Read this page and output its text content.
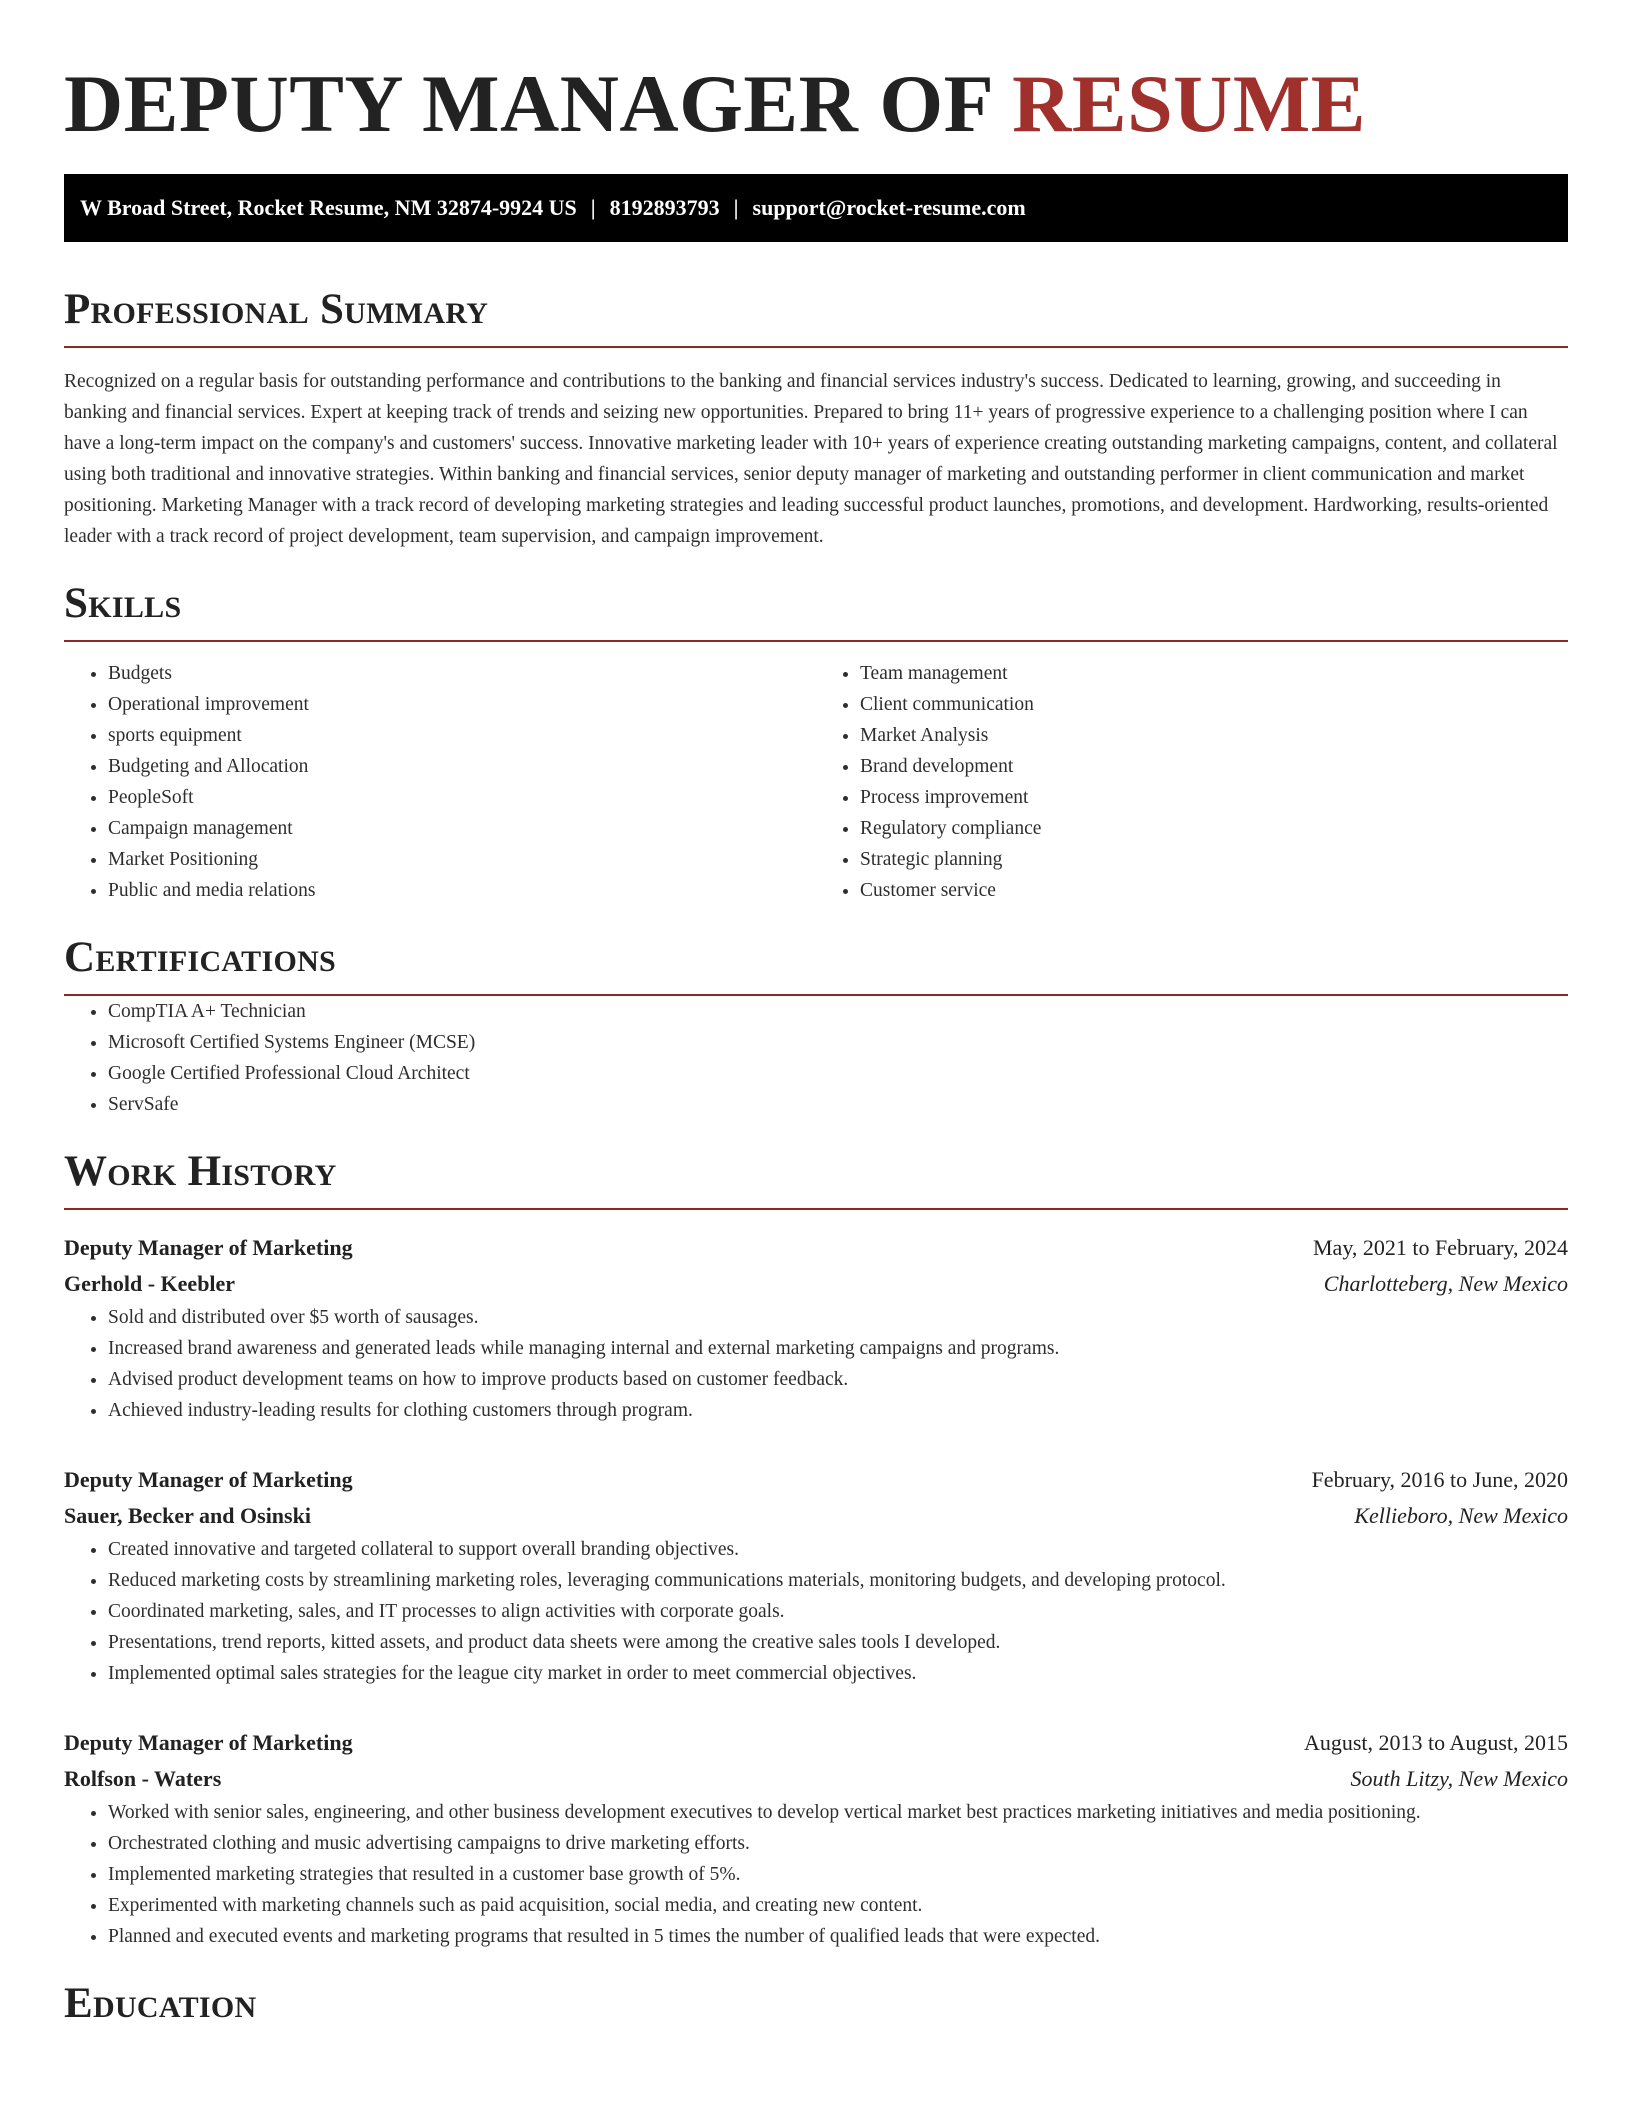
DEPUTY MANAGER OF RESUME
W Broad Street, Rocket Resume, NM 32874-9924 US | 8192893793 | support@rocket-resume.com
Professional Summary

Recognized on a regular basis for outstanding performance and contributions to the banking and financial services industry's success. Dedicated to learning, growing, and succeeding in banking and financial services. Expert at keeping track of trends and seizing new opportunities. Prepared to bring 11+ years of progressive experience to a challenging position where I can have a long-term impact on the company's and customers' success. Innovative marketing leader with 10+ years of experience creating outstanding marketing campaigns, content, and collateral using both traditional and innovative strategies. Within banking and financial services, senior deputy manager of marketing and outstanding performer in client communication and market positioning. Marketing Manager with a track record of developing marketing strategies and leading successful product launches, promotions, and development. Hardworking, results-oriented leader with a track record of project development, team supervision, and campaign improvement.

Skills
• Budgets
• Operational improvement
• sports equipment
• Budgeting and Allocation
• PeopleSoft
• Campaign management
• Market Positioning
• Public and media relations
• Team management
• Client communication
• Market Analysis
• Brand development
• Process improvement
• Regulatory compliance
• Strategic planning
• Customer service
Certifications
• CompTIA A+ Technician
• Microsoft Certified Systems Engineer (MCSE)
• Google Certified Professional Cloud Architect
• ServSafe
Work History
Deputy Manager of Marketing	May, 2021 to February, 2024
Gerhold - Keebler	Charlotteberg, New Mexico
• Sold and distributed over $5 worth of sausages.
• Increased brand awareness and generated leads while managing internal and external marketing campaigns and programs.
• Advised product development teams on how to improve products based on customer feedback.
• Achieved industry-leading results for clothing customers through program.
Deputy Manager of Marketing	February, 2016 to June, 2020
Sauer, Becker and Osinski	Kellieboro, New Mexico
• Created innovative and targeted collateral to support overall branding objectives.
• Reduced marketing costs by streamlining marketing roles, leveraging communications materials, monitoring budgets, and developing protocol.
• Coordinated marketing, sales, and IT processes to align activities with corporate goals.
• Presentations, trend reports, kitted assets, and product data sheets were among the creative sales tools I developed.
• Implemented optimal sales strategies for the league city market in order to meet commercial objectives.
Deputy Manager of Marketing	August, 2013 to August, 2015
Rolfson - Waters	South Litzy, New Mexico
• Worked with senior sales, engineering, and other business development executives to develop vertical market best practices marketing initiatives and media positioning.
• Orchestrated clothing and music advertising campaigns to drive marketing efforts.
• Implemented marketing strategies that resulted in a customer base growth of 5%.
• Experimented with marketing channels such as paid acquisition, social media, and creating new content.
• Planned and executed events and marketing programs that resulted in 5 times the number of qualified leads that were expected.
Education
